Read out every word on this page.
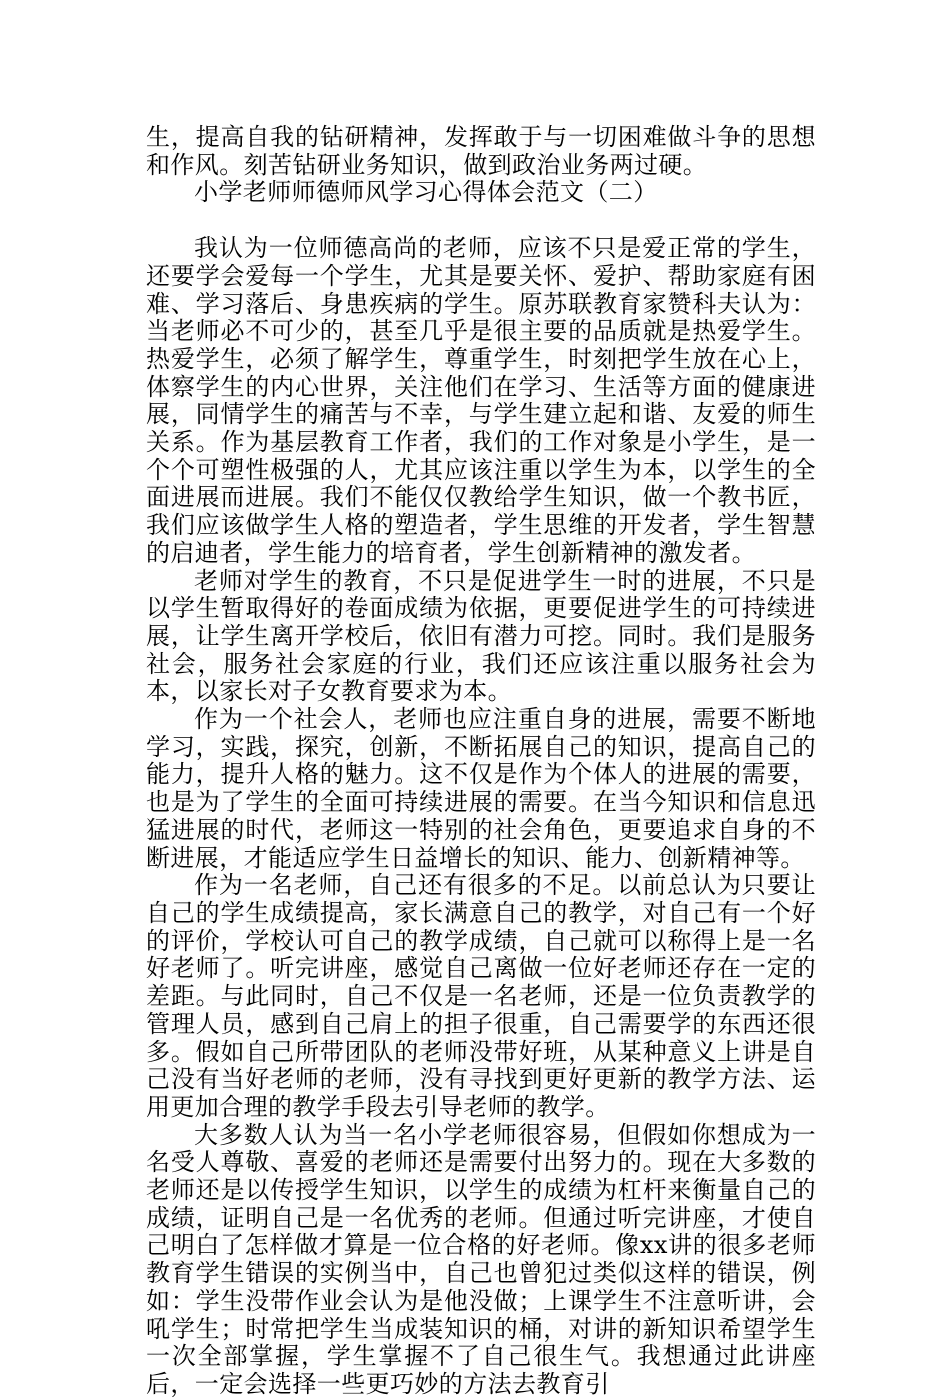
生，提高自我的钻研精神，发挥敢于与一切困难做斗争的思想和作风。刻苦钻研业务知识，做到政治业务两过硬。

小学老师师德师风学习心得体会范文（二）

我认为一位师德高尚的老师，应该不只是爱正常的学生，还要学会爱每一个学生，尤其是要关怀、爱护、帮助家庭有困难、学习落后、身患疾病的学生。原苏联教育家赞科夫认为：当老师必不可少的，甚至几乎是很主要的品质就是热爱学生。热爱学生，必须了解学生，尊重学生，时刻把学生放在心上，体察学生的内心世界，关注他们在学习、生活等方面的健康进展，同情学生的痛苦与不幸，与学生建立起和谐、友爱的师生关系。作为基层教育工作者，我们的工作对象是小学生，是一个个可塑性极强的人，尤其应该注重以学生为本，以学生的全面进展而进展。我们不能仅仅教给学生知识，做一个教书匠，我们应该做学生人格的塑造者，学生思维的开发者，学生智慧的启迪者，学生能力的培育者，学生创新精神的激发者。

老师对学生的教育，不只是促进学生一时的进展，不只是以学生暂取得好的卷面成绩为依据，更要促进学生的可持续进展，让学生离开学校后，依旧有潜力可挖。同时。我们是服务社会，服务社会家庭的行业，我们还应该注重以服务社会为本，以家长对子女教育要求为本。

作为一个社会人，老师也应注重自身的进展，需要不断地学习，实践，探究，创新，不断拓展自己的知识，提高自己的能力，提升人格的魅力。这不仅是作为个体人的进展的需要，也是为了学生的全面可持续进展的需要。在当今知识和信息迅猛进展的时代，老师这一特别的社会角色，更要追求自身的不断进展，才能适应学生日益增长的知识、能力、创新精神等。

作为一名老师，自己还有很多的不足。以前总认为只要让自己的学生成绩提高，家长满意自己的教学，对自己有一个好的评价，学校认可自己的教学成绩，自己就可以称得上是一名好老师了。听完讲座，感觉自己离做一位好老师还存在一定的差距。与此同时，自己不仅是一名老师，还是一位负责教学的管理人员，感到自己肩上的担子很重，自己需要学的东西还很多。假如自己所带团队的老师没带好班，从某种意义上讲是自己没有当好老师的老师，没有寻找到更好更新的教学方法、运用更加合理的教学手段去引导老师的教学。

大多数人认为当一名小学老师很容易，但假如你想成为一名受人尊敬、喜爱的老师还是需要付出努力的。现在大多数的老师还是以传授学生知识，以学生的成绩为杠杆来衡量自己的成绩，证明自己是一名优秀的老师。但通过听完讲座，才使自己明白了怎样做才算是一位合格的好老师。像xx讲的很多老师教育学生错误的实例当中，自己也曾犯过类似这样的错误，例如：学生没带作业会认为是他没做；上课学生不注意听讲，会吼学生；时常把学生当成装知识的桶，对讲的新知识希望学生一次全部掌握，学生掌握不了自己很生气。我想通过此讲座后，一定会选择一些更巧妙的方法去教育引
